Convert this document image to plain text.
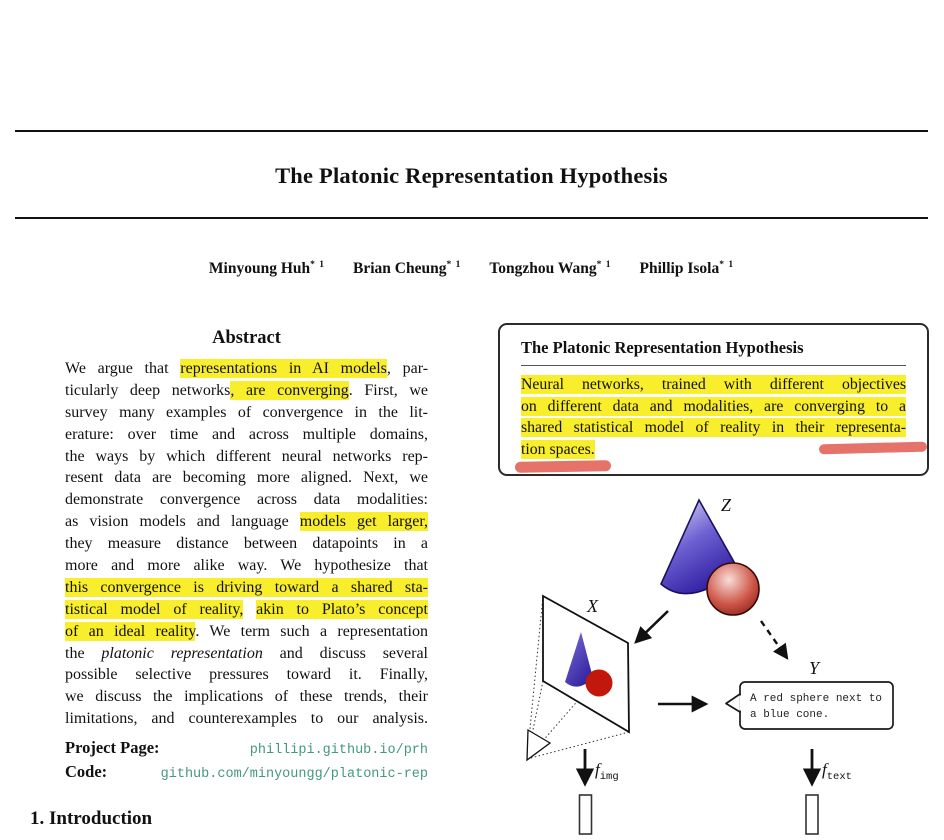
The Platonic Representation Hypothesis
Minyoung Huh$^{* 1}$ Brian Cheung$^{* 1}$ Tongzhou Wang$^{* 1}$ Phillip Isola$^{* 1}$
Abstract
We argue that representations in AI models, par-
ticularly deep networks, are converging. First, we
survey many examples of convergence in the lit-
erature: over time and across multiple domains,
the ways by which different neural networks rep-
resent data are becoming more aligned. Next, we
demonstrate convergence across data modalities:
as vision models and language models get larger,
they measure distance between datapoints in a
more and more alike way. We hypothesize that
this convergence is driving toward a shared sta-
tistical model of reality, akin to Plato’s concept
of an ideal reality. We term such a representation
the platonic representation and discuss several
possible selective pressures toward it. Finally,
we discuss the implications of these trends, their
limitations, and counterexamples to our analysis.
Project Page:	phillipi.github.io/prh
Code:	github.com/minyoungg/platonic-rep
1. Introduction
The Platonic Representation Hypothesis
Neural networks, trained with different objectives
on different data and modalities, are converging to a
shared statistical model of reality in their representa-
tion spaces.
Z
X
Y
A red sphere next to
a blue cone.
$f_{img}$	$f_{text}$
